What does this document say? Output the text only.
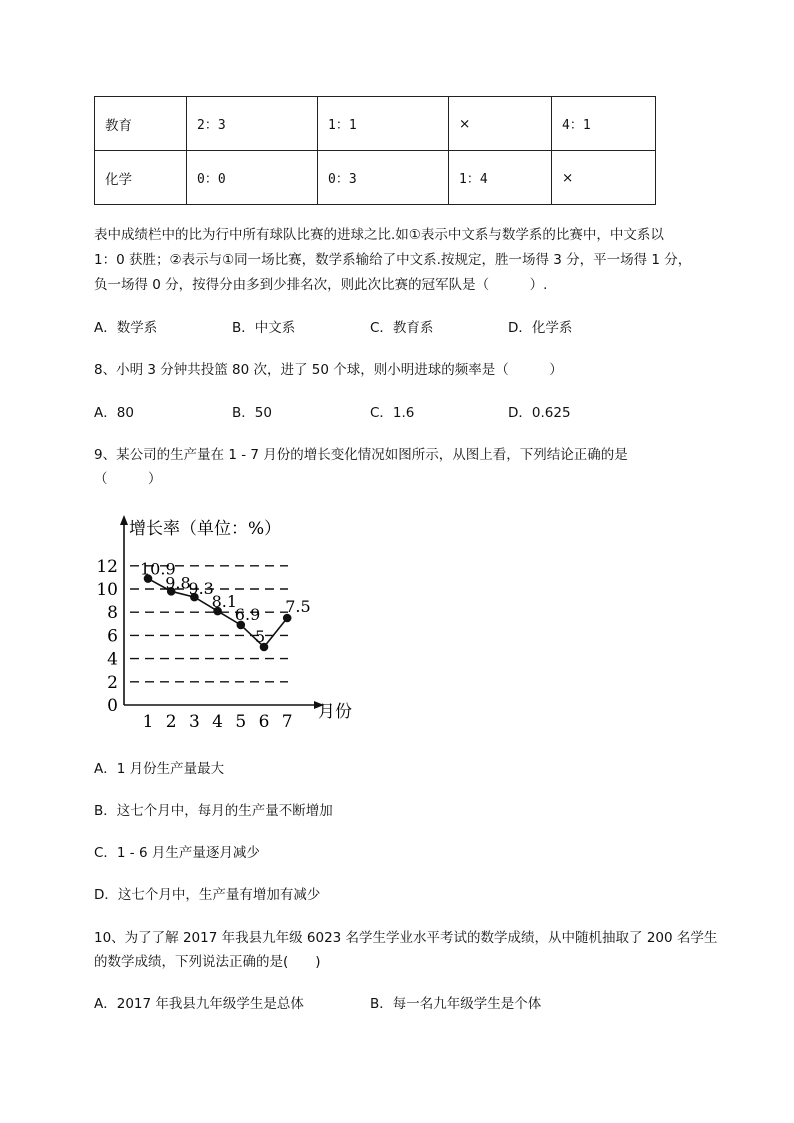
教育	2：3	1：1	×	4：1
化学	0：0	0：3	1：4	×
表中成绩栏中的比为行中所有球队比赛的进球之比.如①表示中文系与数学系的比赛中，中文系以
1：0 获胜；②表示与①同一场比赛，数学系输给了中文系.按规定，胜一场得 3 分，平一场得 1 分，
负一场得 0 分，按得分由多到少排名次，则此次比赛的冠军队是（　　　）.
A．数学系	B．中文系	C．教育系	D．化学系
8、小明 3 分钟共投篮 80 次，进了 50 个球，则小明进球的频率是（　　　）
A．80	B．50	C．1.6	D．0.625
9、某公司的生产量在 1 - 7 月份的增长变化情况如图所示，从图上看，下列结论正确的是
（　　　）
增长率（单位：%）
月份
0
2
4
6
8
10
12
1 2 3 4 5 6 7
10.9
9.8
9.3
8.1
6.9
5
7.5
A．1 月份生产量最大
B．这七个月中，每月的生产量不断增加
C．1 - 6 月生产量逐月减少
D．这七个月中，生产量有增加有减少
10、为了了解 2017 年我县九年级 6023 名学生学业水平考试的数学成绩，从中随机抽取了 200 名学生
的数学成绩，下列说法正确的是(　　)
A．2017 年我县九年级学生是总体	B．每一名九年级学生是个体
